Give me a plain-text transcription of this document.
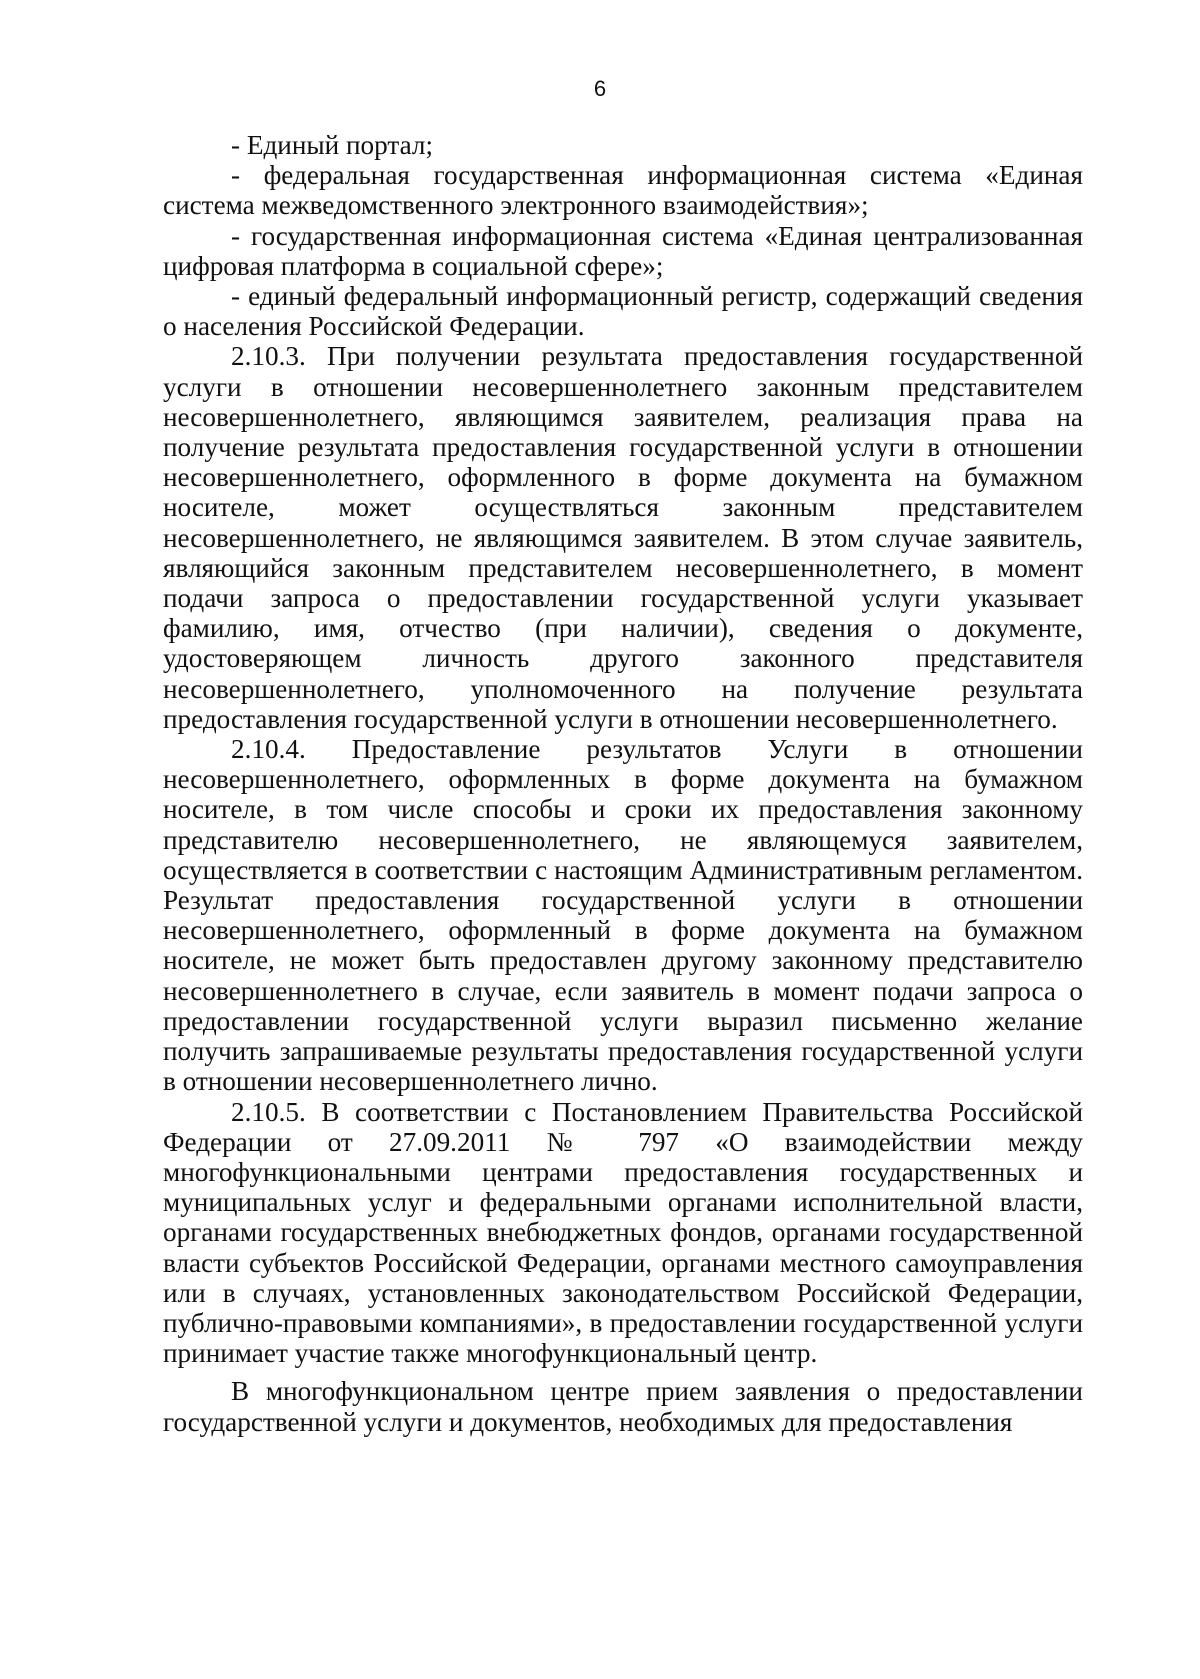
6

- Единый портал;

- федеральная государственная информационная система «Единая система межведомственного электронного взаимодействия»;

- государственная информационная система «Единая централизованная цифровая платформа в социальной сфере»;

- единый федеральный информационный регистр, содержащий сведения о населения Российской Федерации.

2.10.3. При получении результата предоставления государственной услуги в отношении несовершеннолетнего законным представителем несовершеннолетнего, являющимся заявителем, реализация права на получение результата предоставления государственной услуги в отношении несовершеннолетнего, оформленного в форме документа на бумажном носителе, может осуществляться законным представителем несовершеннолетнего, не являющимся заявителем. В этом случае заявитель, являющийся законным представителем несовершеннолетнего, в момент подачи запроса о предоставлении государственной услуги указывает фамилию, имя, отчество (при наличии), сведения о документе, удостоверяющем личность другого законного представителя несовершеннолетнего, уполномоченного на получение результата предоставления государственной услуги в отношении несовершеннолетнего.

2.10.4. Предоставление результатов Услуги в отношении несовершеннолетнего, оформленных в форме документа на бумажном носителе, в том числе способы и сроки их предоставления законному представителю несовершеннолетнего, не являющемуся заявителем, осуществляется в соответствии с настоящим Административным регламентом. Результат предоставления государственной услуги в отношении несовершеннолетнего, оформленный в форме документа на бумажном носителе, не может быть предоставлен другому законному представителю несовершеннолетнего в случае, если заявитель в момент подачи запроса о предоставлении государственной услуги выразил письменно желание получить запрашиваемые результаты предоставления государственной услуги в отношении несовершеннолетнего лично.

2.10.5. В соответствии с Постановлением Правительства Российской Федерации от 27.09.2011 № 797 «О взаимодействии между многофункциональными центрами предоставления государственных и муниципальных услуг и федеральными органами исполнительной власти, органами государственных внебюджетных фондов, органами государственной власти субъектов Российской Федерации, органами местного самоуправления или в случаях, установленных законодательством Российской Федерации, публично-правовыми компаниями», в предоставлении государственной услуги принимает участие также многофункциональный центр.

В многофункциональном центре прием заявления о предоставлении государственной услуги и документов, необходимых для предоставления
